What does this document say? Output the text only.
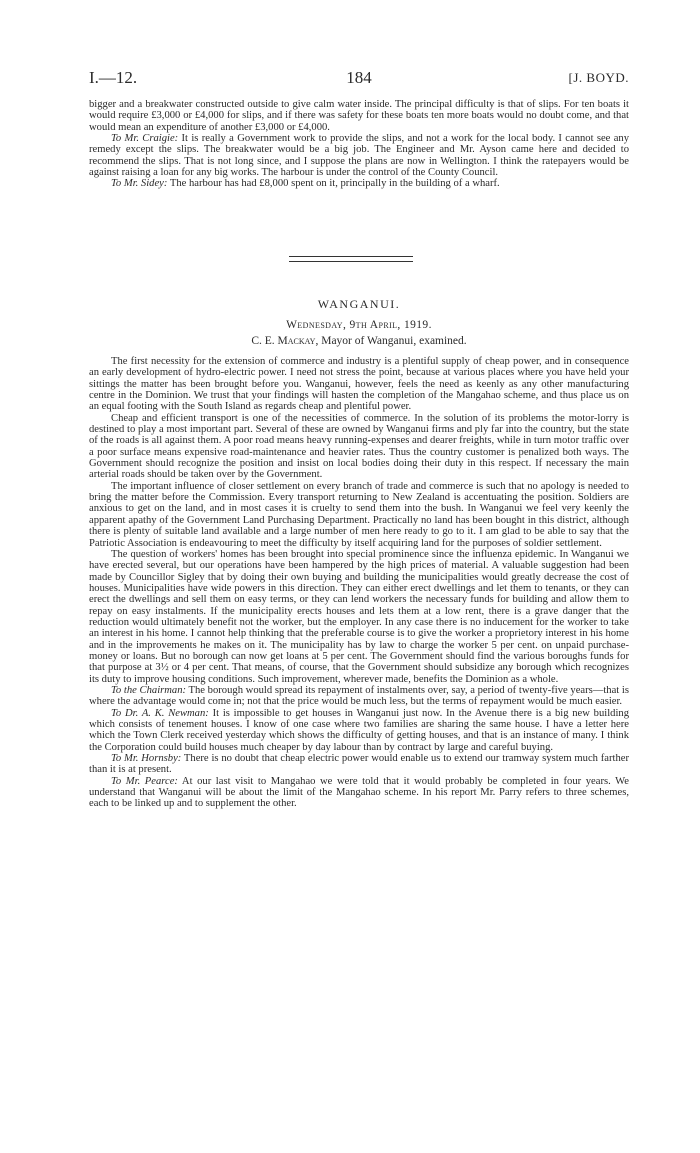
I.—12.	184	[J. BOYD.

bigger and a breakwater constructed outside to give calm water inside. The principal difficulty is that of slips. For ten boats it would require £3,000 or £4,000 for slips, and if there was safety for these boats ten more boats would no doubt come, and that would mean an expenditure of another £3,000 or £4,000.

To Mr. Craigie: It is really a Government work to provide the slips, and not a work for the local body. I cannot see any remedy except the slips. The breakwater would be a big job. The Engineer and Mr. Ayson came here and decided to recommend the slips. That is not long since, and I suppose the plans are now in Wellington. I think the ratepayers would be against raising a loan for any big works. The harbour is under the control of the County Council.

To Mr. Sidey: The harbour has had £8,000 spent on it, principally in the building of a wharf.

WANGANUI.
Wednesday, 9th April, 1919.
C. E. Mackay, Mayor of Wanganui, examined.

The first necessity for the extension of commerce and industry is a plentiful supply of cheap power, and in consequence an early development of hydro-electric power. I need not stress the point, because at various places where you have held your sittings the matter has been brought before you. Wanganui, however, feels the need as keenly as any other manufacturing centre in the Dominion. We trust that your findings will hasten the completion of the Mangahao scheme, and thus place us on an equal footing with the South Island as regards cheap and plentiful power.

Cheap and efficient transport is one of the necessities of commerce. In the solution of its problems the motor-lorry is destined to play a most important part. Several of these are owned by Wanganui firms and ply far into the country, but the state of the roads is all against them. A poor road means heavy running-expenses and dearer freights, while in turn motor traffic over a poor surface means expensive road-maintenance and heavier rates. Thus the country customer is penalized both ways. The Government should recognize the position and insist on local bodies doing their duty in this respect. If necessary the main arterial roads should be taken over by the Government.

The important influence of closer settlement on every branch of trade and commerce is such that no apology is needed to bring the matter before the Commission. Every transport returning to New Zealand is accentuating the position. Soldiers are anxious to get on the land, and in most cases it is cruelty to send them into the bush. In Wanganui we feel very keenly the apparent apathy of the Government Land Purchasing Department. Practically no land has been bought in this district, although there is plenty of suitable land available and a large number of men here ready to go to it. I am glad to be able to say that the Patriotic Association is endeavouring to meet the difficulty by itself acquiring land for the purposes of soldier settlement.

The question of workers' homes has been brought into special prominence since the influenza epidemic. In Wanganui we have erected several, but our operations have been hampered by the high prices of material. A valuable suggestion had been made by Councillor Sigley that by doing their own buying and building the municipalities would greatly decrease the cost of houses. Municipalities have wide powers in this direction. They can either erect dwellings and let them to tenants, or they can erect the dwellings and sell them on easy terms, or they can lend workers the necessary funds for building and allow them to repay on easy instalments. If the municipality erects houses and lets them at a low rent, there is a grave danger that the reduction would ultimately benefit not the worker, but the employer. In any case there is no inducement for the worker to take an interest in his home. I cannot help thinking that the preferable course is to give the worker a proprietory interest in his home and in the improvements he makes on it. The municipality has by law to charge the worker 5 per cent. on unpaid purchase-money or loans. But no borough can now get loans at 5 per cent. The Government should find the various boroughs funds for that purpose at 3½ or 4 per cent. That means, of course, that the Government should subsidize any borough which recognizes its duty to improve housing conditions. Such improvement, wherever made, benefits the Dominion as a whole.

To the Chairman: The borough would spread its repayment of instalments over, say, a period of twenty-five years—that is where the advantage would come in; not that the price would be much less, but the terms of repayment would be much easier.

To Dr. A. K. Newman: It is impossible to get houses in Wanganui just now. In the Avenue there is a big new building which consists of tenement houses. I know of one case where two families are sharing the same house. I have a letter here which the Town Clerk received yesterday which shows the difficulty of getting houses, and that is an instance of many. I think the Corporation could build houses much cheaper by day labour than by contract by large and careful buying.

To Mr. Hornsby: There is no doubt that cheap electric power would enable us to extend our tramway system much farther than it is at present.

To Mr. Pearce: At our last visit to Mangahao we were told that it would probably be completed in four years. We understand that Wanganui will be about the limit of the Mangahao scheme. In his report Mr. Parry refers to three schemes, each to be linked up and to supplement the other.
